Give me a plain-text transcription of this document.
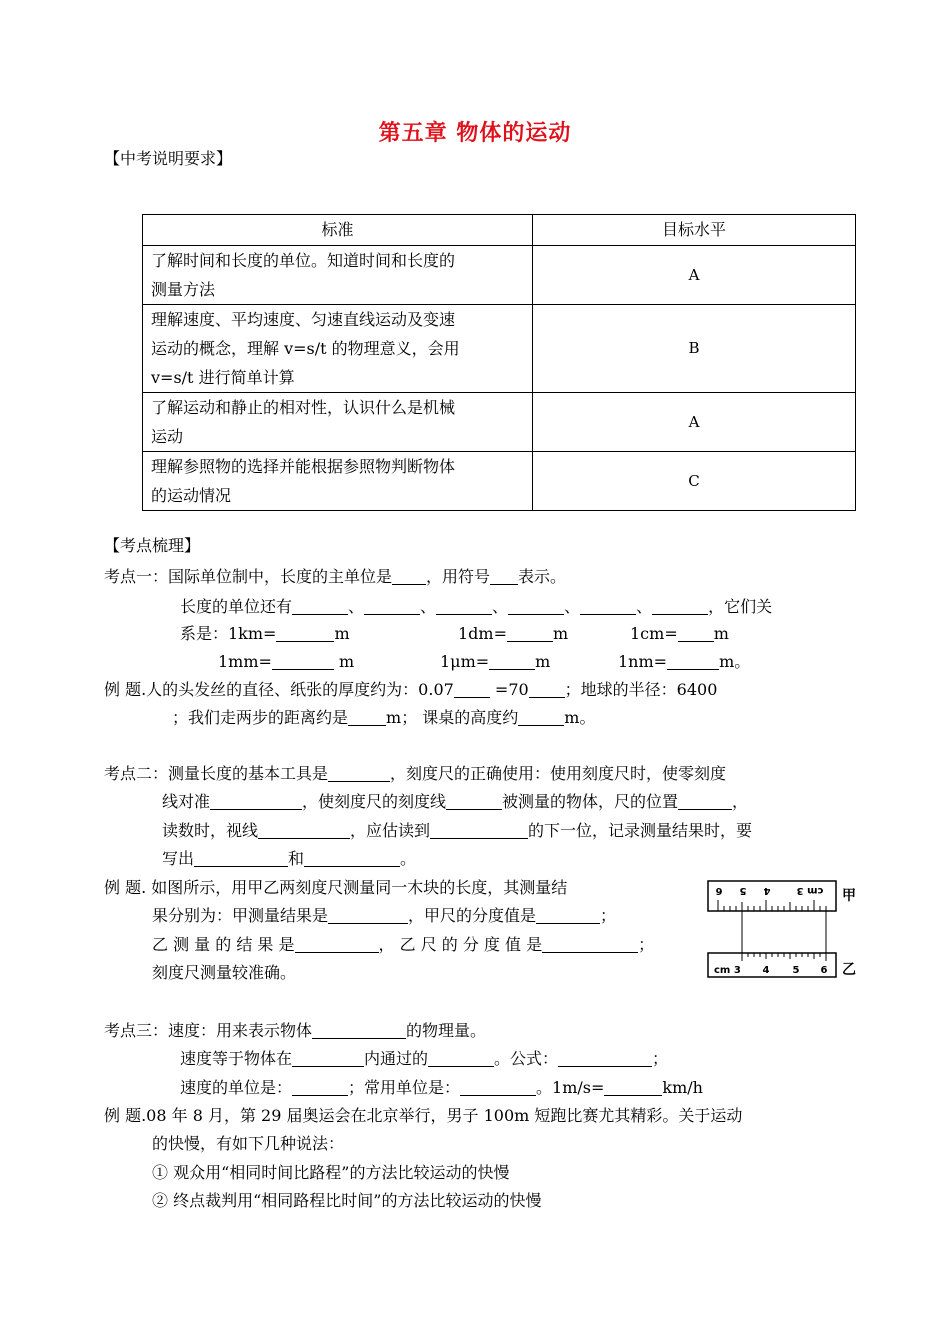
第五章 物体的运动
【中考说明要求】
标准	目标水平

了解时间和长度的单位。知道时间和长度的
测量方法	A

理解速度、平均速度、匀速直线运动及变速
运动的概念，理解 v=s/t 的物理意义，会用
v=s/t 进行简单计算	B

了解运动和静止的相对性，认识什么是机械
运动	A

理解参照物的选择并能根据参照物判断物体
的运动情况	C
【考点梳理】
考点一：国际单位制中，长度的主单位是 ，用符号 表示。
长度的单位还有	、	、	、	、	、	，它们关
系是：1km=	m	1dm=	m	1cm= m
1mm=	m	1μm=	m	1nm=	m。
例 题.人的头发丝的直径、纸张的厚度约为：0.07	=70 ；地球的半径：6400
；我们走两步的距离约是 m； 课桌的高度约	m。
考点二：测量长度的基本工具是	，刻度尺的正确使用：使用刻度尺时，使零刻度
线对准	，使刻度尺的刻度线	被测量的物体，尺的位置	，
读数时，视线	，应估读到	的下一位，记录测量结果时，要
写出	和	。
例 题. 如图所示，用甲乙两刻度尺测量同一木块的长度，其测量结
果分别为：甲测量结果是	，甲尺的分度值是	；
乙 测 量 的 结 果 是	， 乙 尺 的 分 度 值 是	；
刻度尺测量较准确。
6 5 4	cm 3 甲
cm 3 4 5 6 乙
考点三：速度：用来表示物体	的物理量。
速度等于物体在	内通过的	。公式：	；
速度的单位是：	；常用单位是：	。1m/s=	km/h
例 题.08 年 8 月，第 29 届奥运会在北京举行，男子 100m 短跑比赛尤其精彩。关于运动
的快慢，有如下几种说法：
① 观众用“相同时间比路程”的方法比较运动的快慢
② 终点裁判用“相同路程比时间”的方法比较运动的快慢
